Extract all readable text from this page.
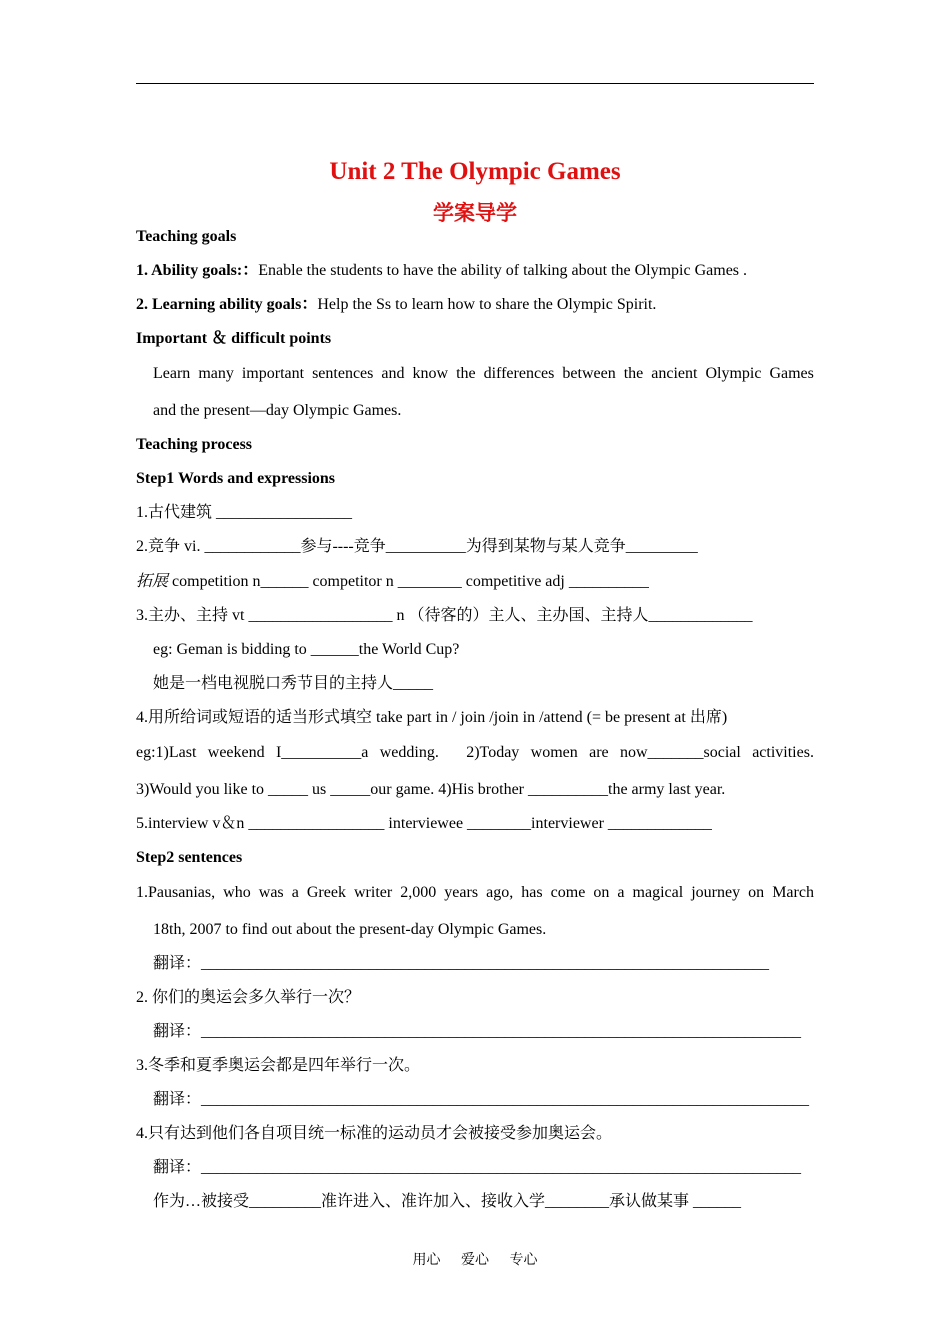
Unit 2 The Olympic Games
学案导学
Teaching goals
1. Ability goals:：Enable the students to have the ability of talking about the Olympic Games .
2. Learning ability goals：Help the Ss to learn how to share the Olympic Spirit.
Important ＆ difficult points
Learn many important sentences and know the differences between the ancient Olympic Games
and the present—day Olympic Games.
Teaching process
Step1 Words and expressions
1.古代建筑 _________________
2.竞争 vi. ____________参与----竞争__________为得到某物与某人竞争_________
拓展 competition n______ competitor n ________ competitive adj __________
3.主办、主持 vt __________________ n （待客的）主人、主办国、主持人_____________
eg: Geman is bidding to ______the World Cup?
她是一档电视脱口秀节目的主持人_____
4.用所给词或短语的适当形式填空 take part in / join /join in /attend (= be present at 出席)
eg:1)Last weekend I__________a wedding. 2)Today women are now_______social activities.
3)Would you like to _____ us _____our game. 4)His brother __________the army last year.
5.interview v＆n _________________ interviewee ________interviewer _____________
Step2 sentences
1.Pausanias, who was a Greek writer 2,000 years ago, has come on a magical journey on March
18th, 2007 to find out about the present-day Olympic Games.
翻译：_______________________________________________________________________
2. 你们的奥运会多久举行一次？
翻译：___________________________________________________________________________
3.冬季和夏季奥运会都是四年举行一次。
翻译：____________________________________________________________________________
4.只有达到他们各自项目统一标准的运动员才会被接受参加奥运会。
翻译：___________________________________________________________________________
作为…被接受_________准许进入、准许加入、接收入学________承认做某事 ______
用心 爱心 专心
